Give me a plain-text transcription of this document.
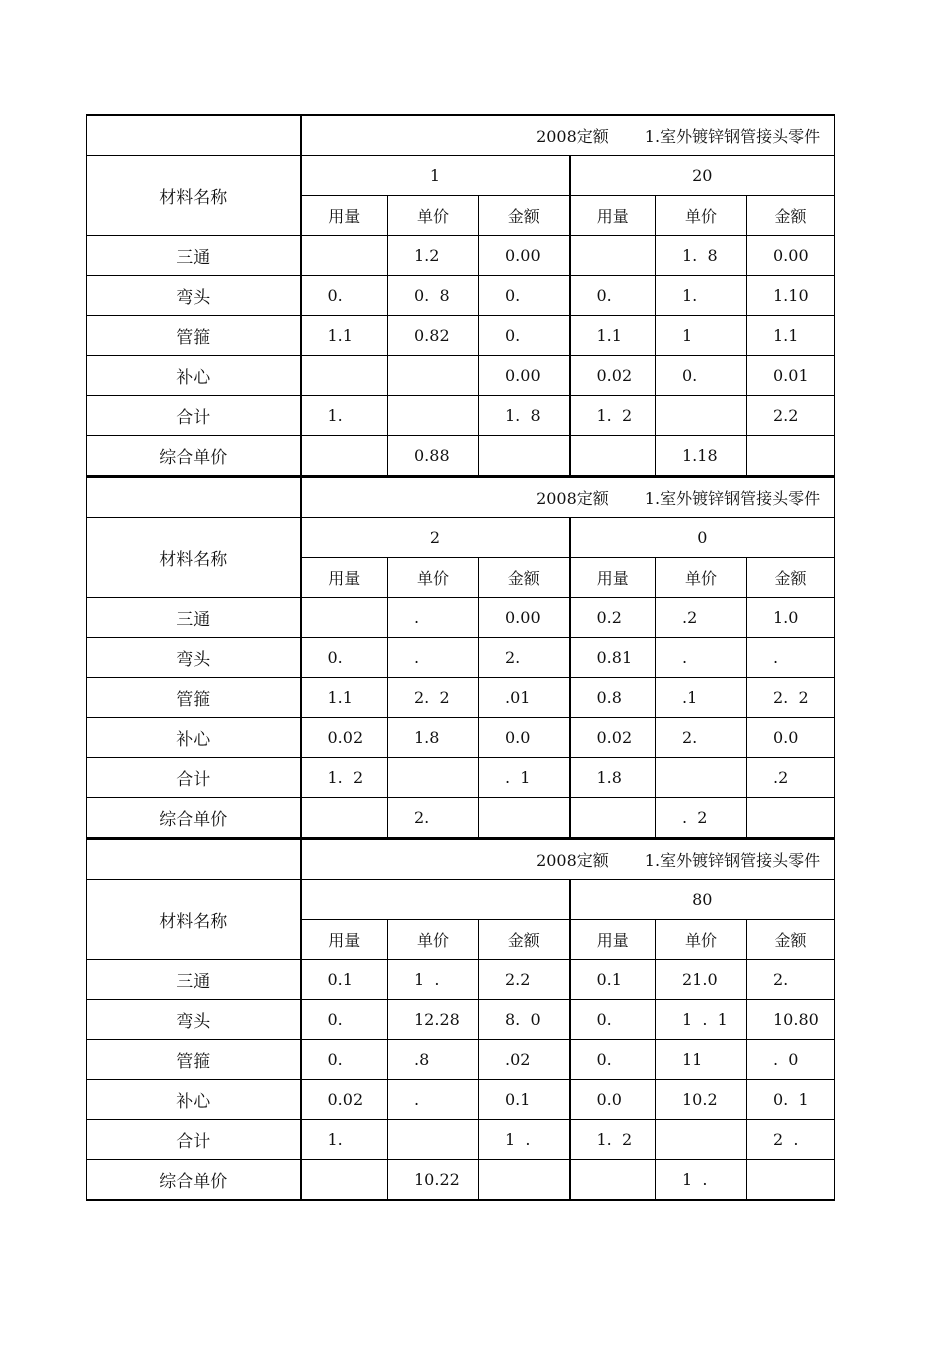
	2008定额 1.室外镀锌钢管接头零件					
材料名称	1			20		
	用量	单价	金额	用量	单价	金额
三通		1.2	0.00		1.  8	0.00
弯头	0.	0.  8	0.	0.	1.	1.10
管箍	1.1	0.82	0.	1.1	1	1.1
补心			0.00	0.02	0.	0.01
合计	1.		1.  8	1.  2		2.2
综合单价		0.88			1.18	
	2008定额 1.室外镀锌钢管接头零件					
材料名称	2			0		
	用量	单价	金额	用量	单价	金额
三通		.	0.00	0.2	.2	1.0
弯头	0.	.	2.	0.81	.	.
管箍	1.1	2.  2	.01	0.8	.1	2.  2
补心	0.02	1.8	0.0	0.02	2.	0.0
合计	1.  2		.  1	1.8		.2
综合单价		2.			.  2	
	2008定额 1.室外镀锌钢管接头零件					
材料名称				80		
	用量	单价	金额	用量	单价	金额
三通	0.1	1  .	2.2	0.1	21.0	2.
弯头	0.	12.28	8.  0	0.	1  .  1	10.80
管箍	0.	.8	.02	0.	11	.  0
补心	0.02	.	0.1	0.0	10.2	0.  1
合计	1.		1  .	1.  2		2  .
综合单价		10.22			1  .	
